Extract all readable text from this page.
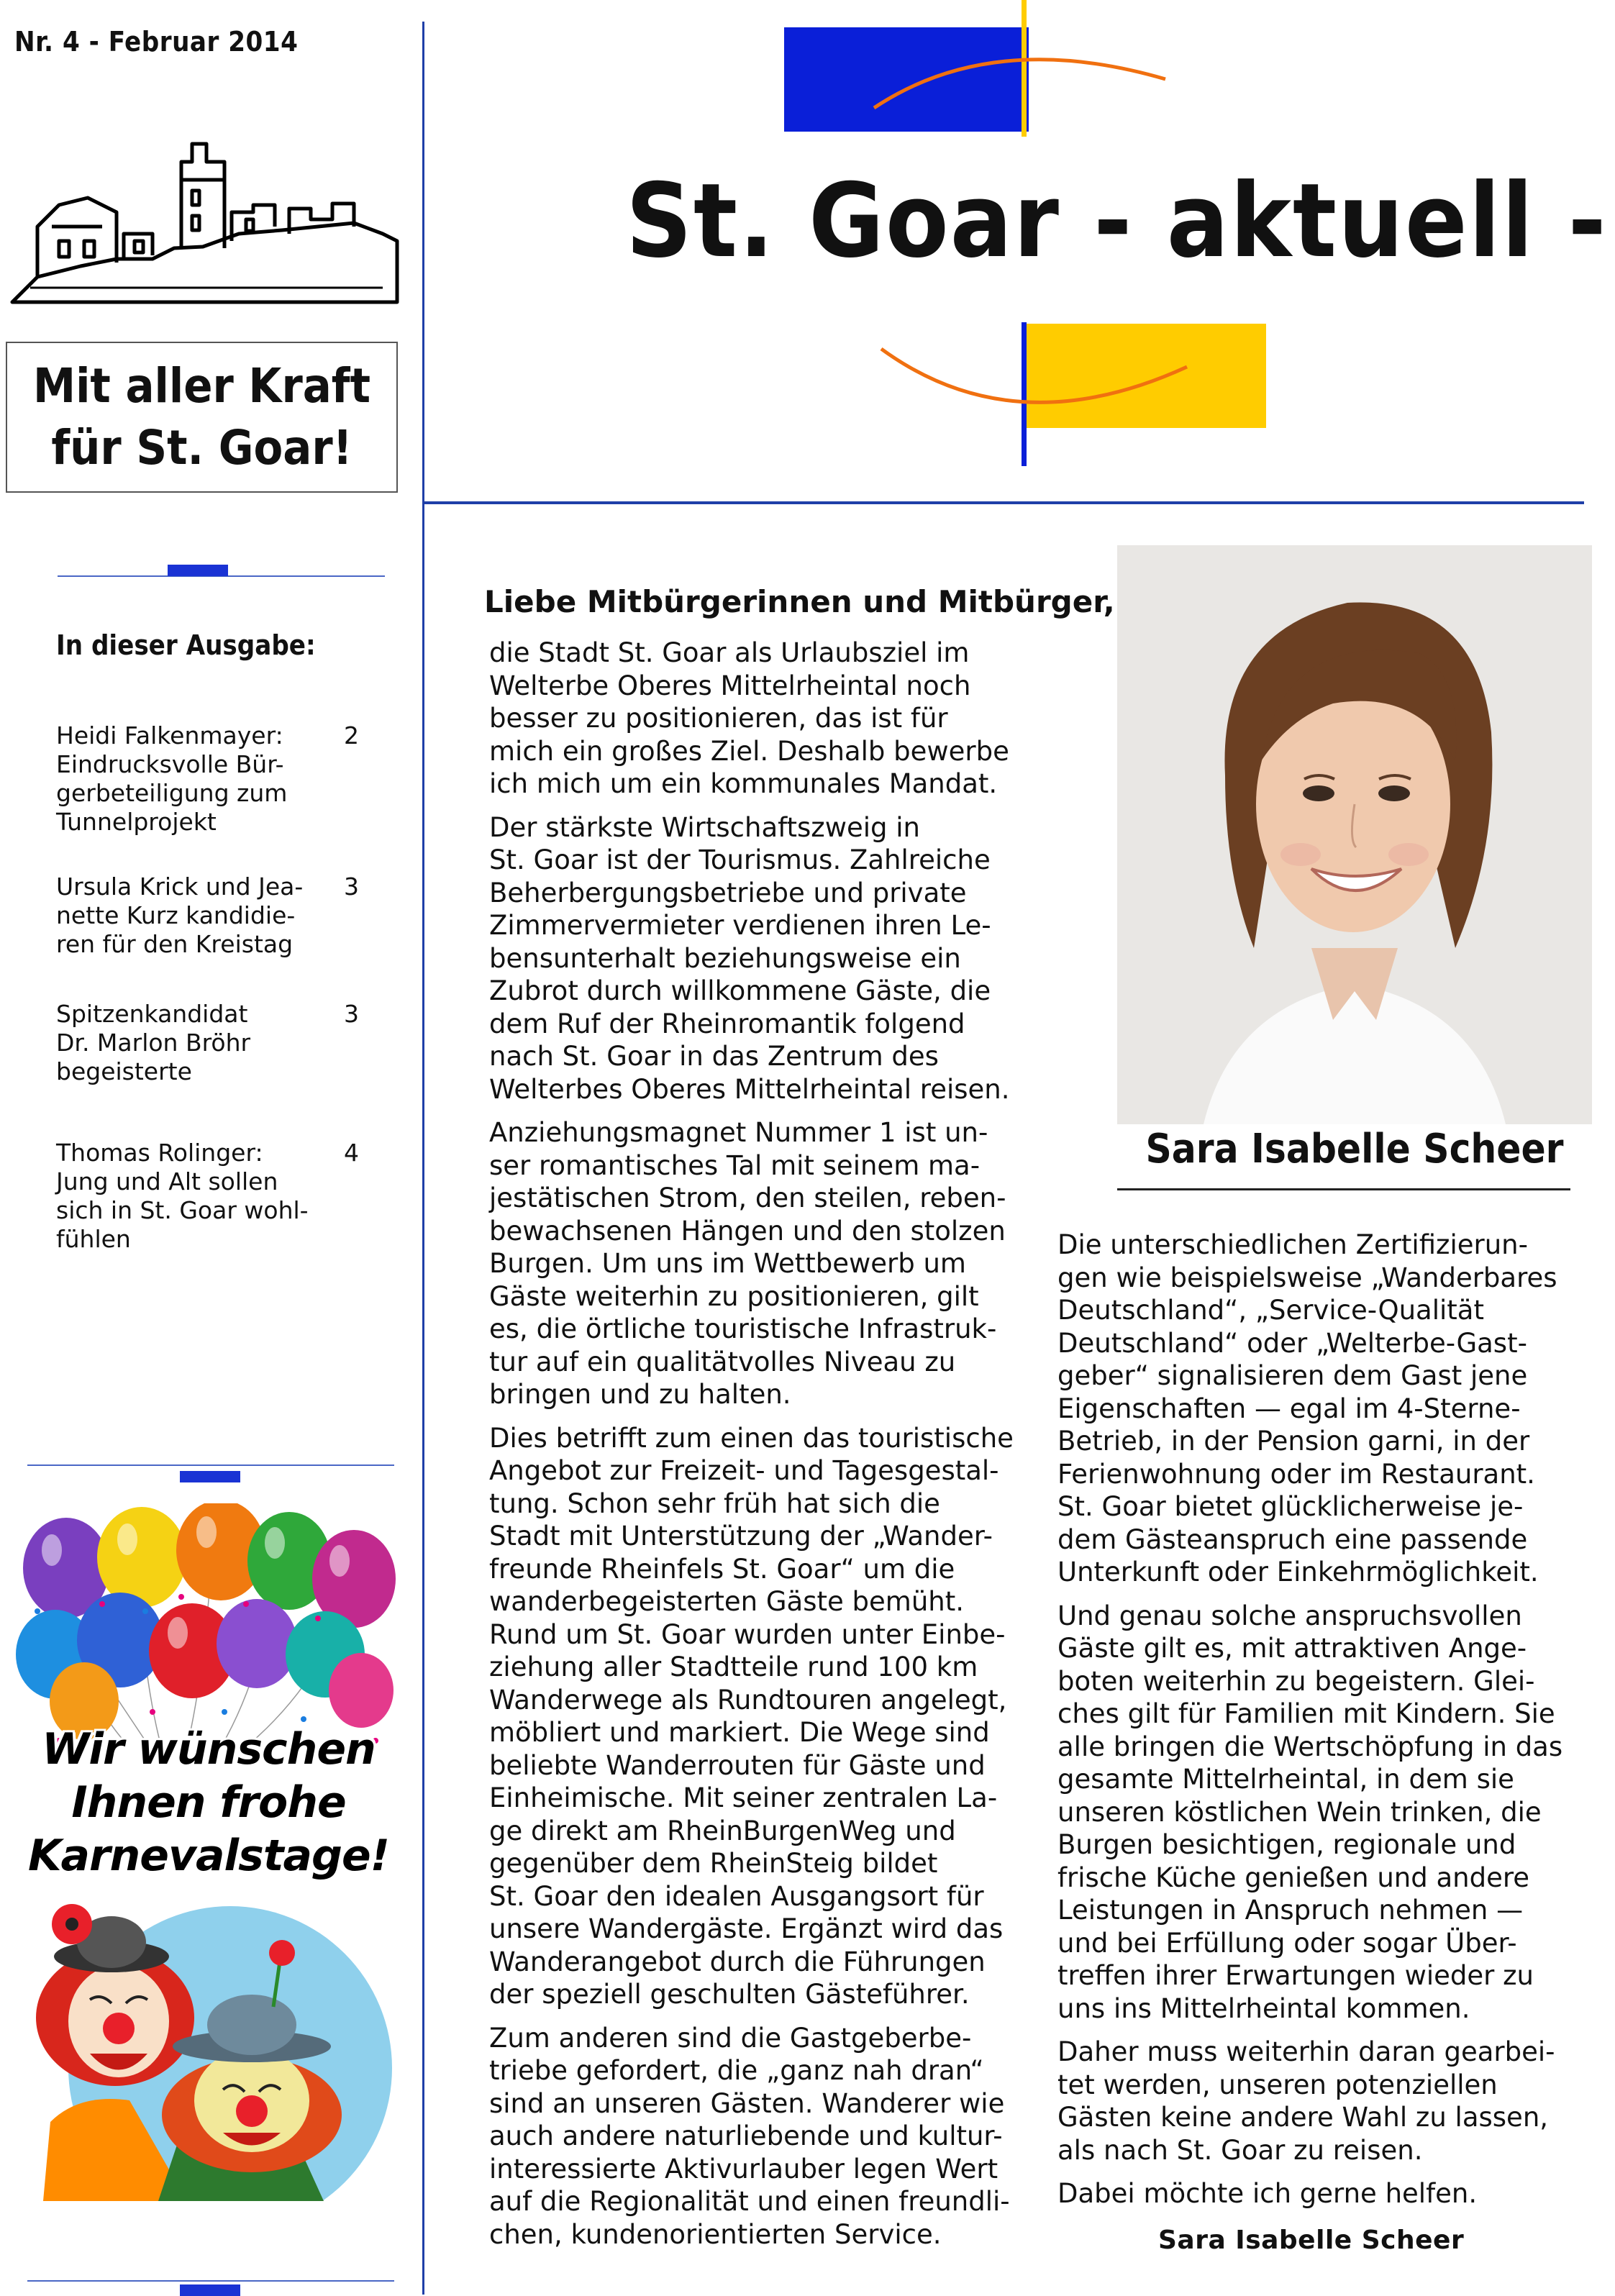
Nr. 4 - Februar 2014
Mit aller Kraft
für St. Goar!
St. Goar - aktuell -
In dieser Ausgabe:
Heidi Falkenmayer:
Eindrucksvolle Bür-
gerbeteiligung zum
Tunnelprojekt
2
Ursula Krick und Jea-
nette Kurz kandidie-
ren für den Kreistag
3
Spitzenkandidat
Dr. Marlon Bröhr
begeisterte
3
Thomas Rolinger:
Jung und Alt sollen
sich in St. Goar wohl-
fühlen
4
Wir wünschen
Ihnen frohe
Karnevalstage!
Liebe Mitbürgerinnen und Mitbürger,

die Stadt St. Goar als Urlaubsziel im
Welterbe Oberes Mittelrheintal noch
besser zu positionieren, das ist für
mich ein großes Ziel. Deshalb bewerbe
ich mich um ein kommunales Mandat.

Der stärkste Wirtschaftszweig in
St. Goar ist der Tourismus. Zahlreiche
Beherbergungsbetriebe und private
Zimmervermieter verdienen ihren Le-
bensunterhalt beziehungsweise ein
Zubrot durch willkommene Gäste, die
dem Ruf der Rheinromantik folgend
nach St. Goar in das Zentrum des
Welterbes Oberes Mittelrheintal reisen.

Anziehungsmagnet Nummer 1 ist un-
ser romantisches Tal mit seinem ma-
jestätischen Strom, den steilen, reben-
bewachsenen Hängen und den stolzen
Burgen. Um uns im Wettbewerb um
Gäste weiterhin zu positionieren, gilt
es, die örtliche touristische Infrastruk-
tur auf ein qualitätvolles Niveau zu
bringen und zu halten.

Dies betrifft zum einen das touristische
Angebot zur Freizeit- und Tagesgestal-
tung. Schon sehr früh hat sich die
Stadt mit Unterstützung der „Wander-
freunde Rheinfels St. Goar“ um die
wanderbegeisterten Gäste bemüht.
Rund um St. Goar wurden unter Einbe-
ziehung aller Stadtteile rund 100 km
Wanderwege als Rundtouren angelegt,
möbliert und markiert. Die Wege sind
beliebte Wanderrouten für Gäste und
Einheimische. Mit seiner zentralen La-
ge direkt am RheinBurgenWeg und
gegenüber dem RheinSteig bildet
St. Goar den idealen Ausgangsort für
unsere Wandergäste. Ergänzt wird das
Wanderangebot durch die Führungen
der speziell geschulten Gästeführer.

Zum anderen sind die Gastgeberbe-
triebe gefordert, die „ganz nah dran“
sind an unseren Gästen. Wanderer wie
auch andere naturliebende und kultur-
interessierte Aktivurlauber legen Wert
auf die Regionalität und einen freundli-
chen, kundenorientierten Service.

Sara Isabelle Scheer

Die unterschiedlichen Zertifizierun-
gen wie beispielsweise „Wanderbares
Deutschland“, „Service-Qualität
Deutschland“ oder „Welterbe-Gast-
geber“ signalisieren dem Gast jene
Eigenschaften — egal im 4-Sterne-
Betrieb, in der Pension garni, in der
Ferienwohnung oder im Restaurant.
St. Goar bietet glücklicherweise je-
dem Gästeanspruch eine passende
Unterkunft oder Einkehrmöglichkeit.

Und genau solche anspruchsvollen
Gäste gilt es, mit attraktiven Ange-
boten weiterhin zu begeistern. Glei-
ches gilt für Familien mit Kindern. Sie
alle bringen die Wertschöpfung in das
gesamte Mittelrheintal, in dem sie
unseren köstlichen Wein trinken, die
Burgen besichtigen, regionale und
frische Küche genießen und andere
Leistungen in Anspruch nehmen —
und bei Erfüllung oder sogar Über-
treffen ihrer Erwartungen wieder zu
uns ins Mittelrheintal kommen.

Daher muss weiterhin daran gearbei-
tet werden, unseren potenziellen
Gästen keine andere Wahl zu lassen,
als nach St. Goar zu reisen.

Dabei möchte ich gerne helfen.

Sara Isabelle Scheer
